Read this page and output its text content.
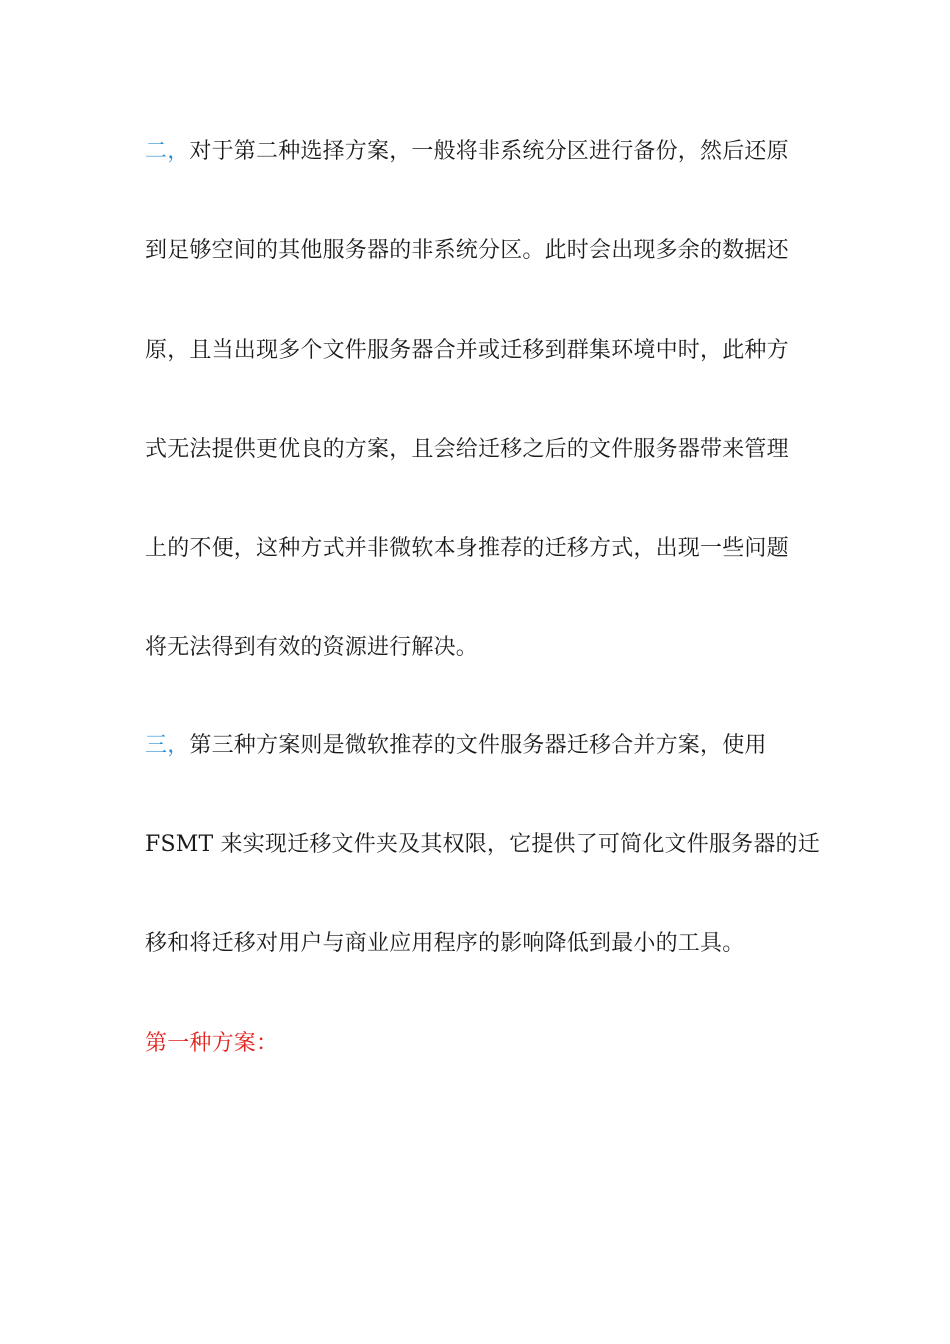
二，对于第二种选择方案，一般将非系统分区进行备份，然后还原
到足够空间的其他服务器的非系统分区。此时会出现多余的数据还
原，且当出现多个文件服务器合并或迁移到群集环境中时，此种方
式无法提供更优良的方案，且会给迁移之后的文件服务器带来管理
上的不便，这种方式并非微软本身推荐的迁移方式，出现一些问题
将无法得到有效的资源进行解决。
三，第三种方案则是微软推荐的文件服务器迁移合并方案，使用
FSMT 来实现迁移文件夹及其权限，它提供了可简化文件服务器的迁
移和将迁移对用户与商业应用程序的影响降低到最小的工具。
第一种方案：
